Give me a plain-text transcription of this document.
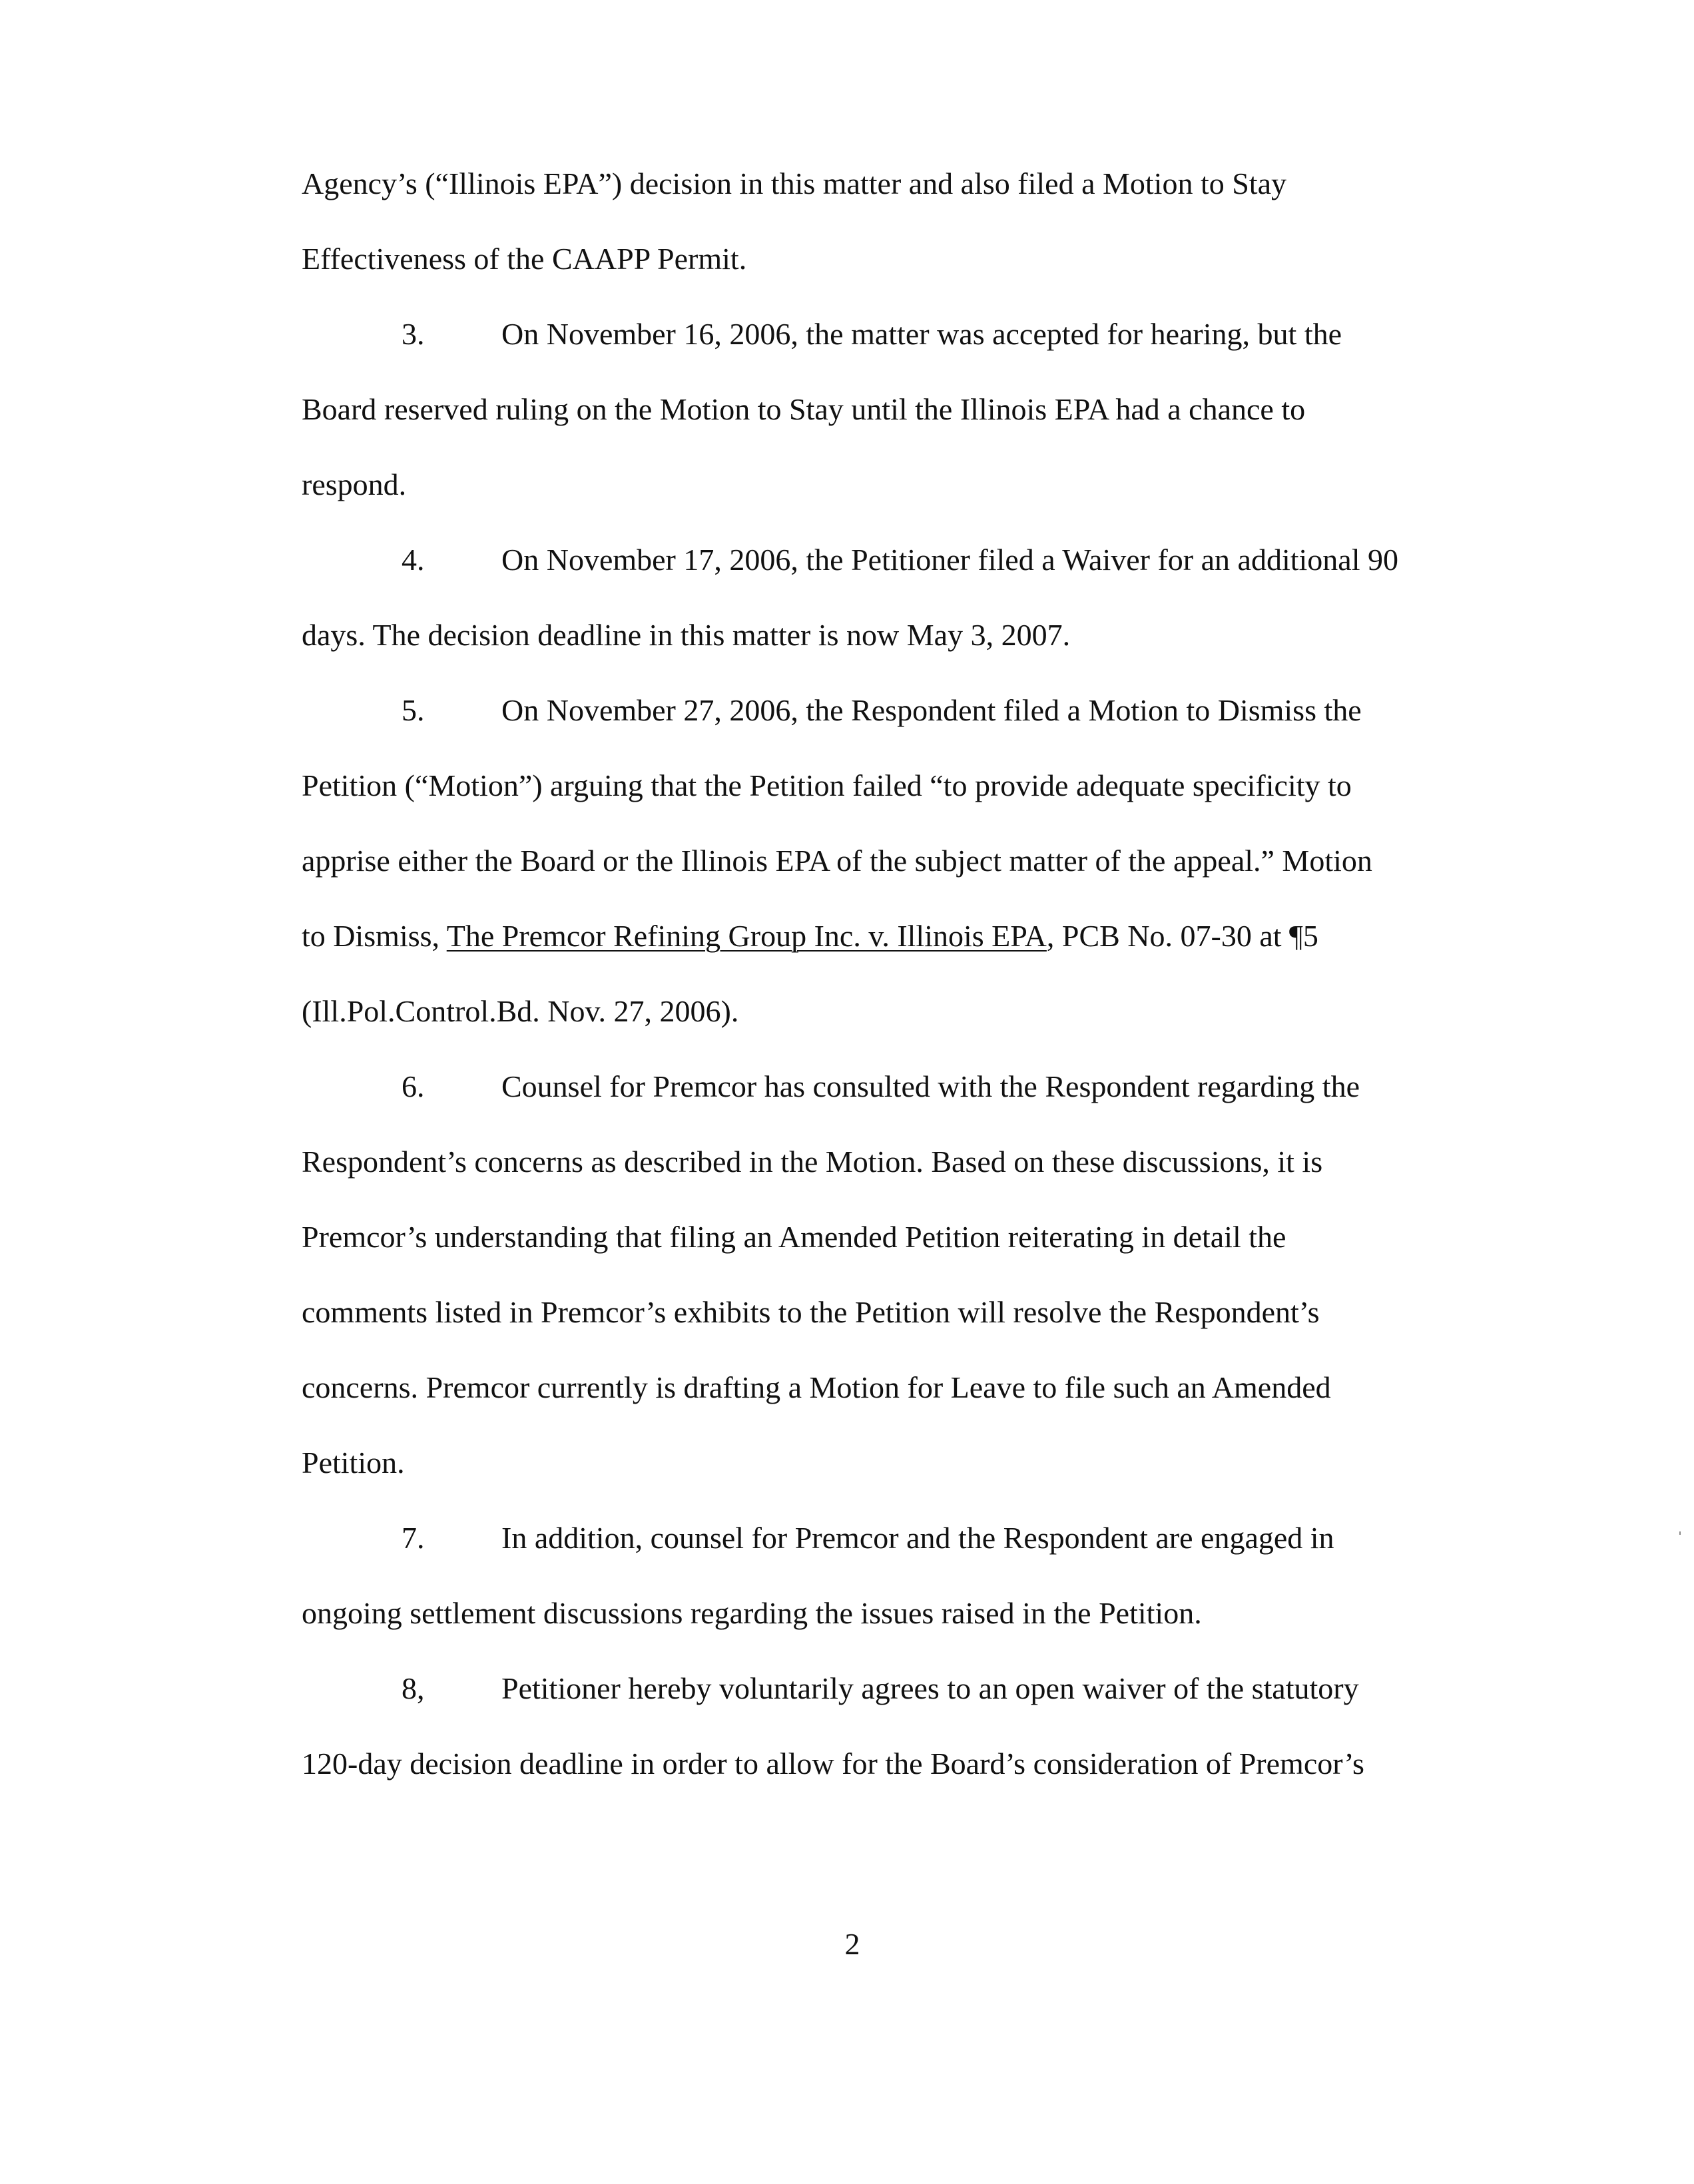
Agency’s (“Illinois EPA”) decision in this matter and also filed a Motion to Stay
Effectiveness of the CAAPP Permit.
3.	On November 16, 2006, the matter was accepted for hearing, but the
Board reserved ruling on the Motion to Stay until the Illinois EPA had a chance to
respond.
4.	On November 17, 2006, the Petitioner filed a Waiver for an additional 90
days. The decision deadline in this matter is now May 3, 2007.
5.	On November 27, 2006, the Respondent filed a Motion to Dismiss the
Petition (“Motion”) arguing that the Petition failed “to provide adequate specificity to
apprise either the Board or the Illinois EPA of the subject matter of the appeal.” Motion
to Dismiss, The Premcor Refining Group Inc. v. Illinois EPA, PCB No. 07-30 at ¶5
(Ill.Pol.Control.Bd. Nov. 27, 2006).
6.	Counsel for Premcor has consulted with the Respondent regarding the
Respondent’s concerns as described in the Motion. Based on these discussions, it is
Premcor’s understanding that filing an Amended Petition reiterating in detail the
comments listed in Premcor’s exhibits to the Petition will resolve the Respondent’s
concerns. Premcor currently is drafting a Motion for Leave to file such an Amended
Petition.
7.	In addition, counsel for Premcor and the Respondent are engaged in
ongoing settlement discussions regarding the issues raised in the Petition.
8,	Petitioner hereby voluntarily agrees to an open waiver of the statutory
120-day decision deadline in order to allow for the Board’s consideration of Premcor’s
2
